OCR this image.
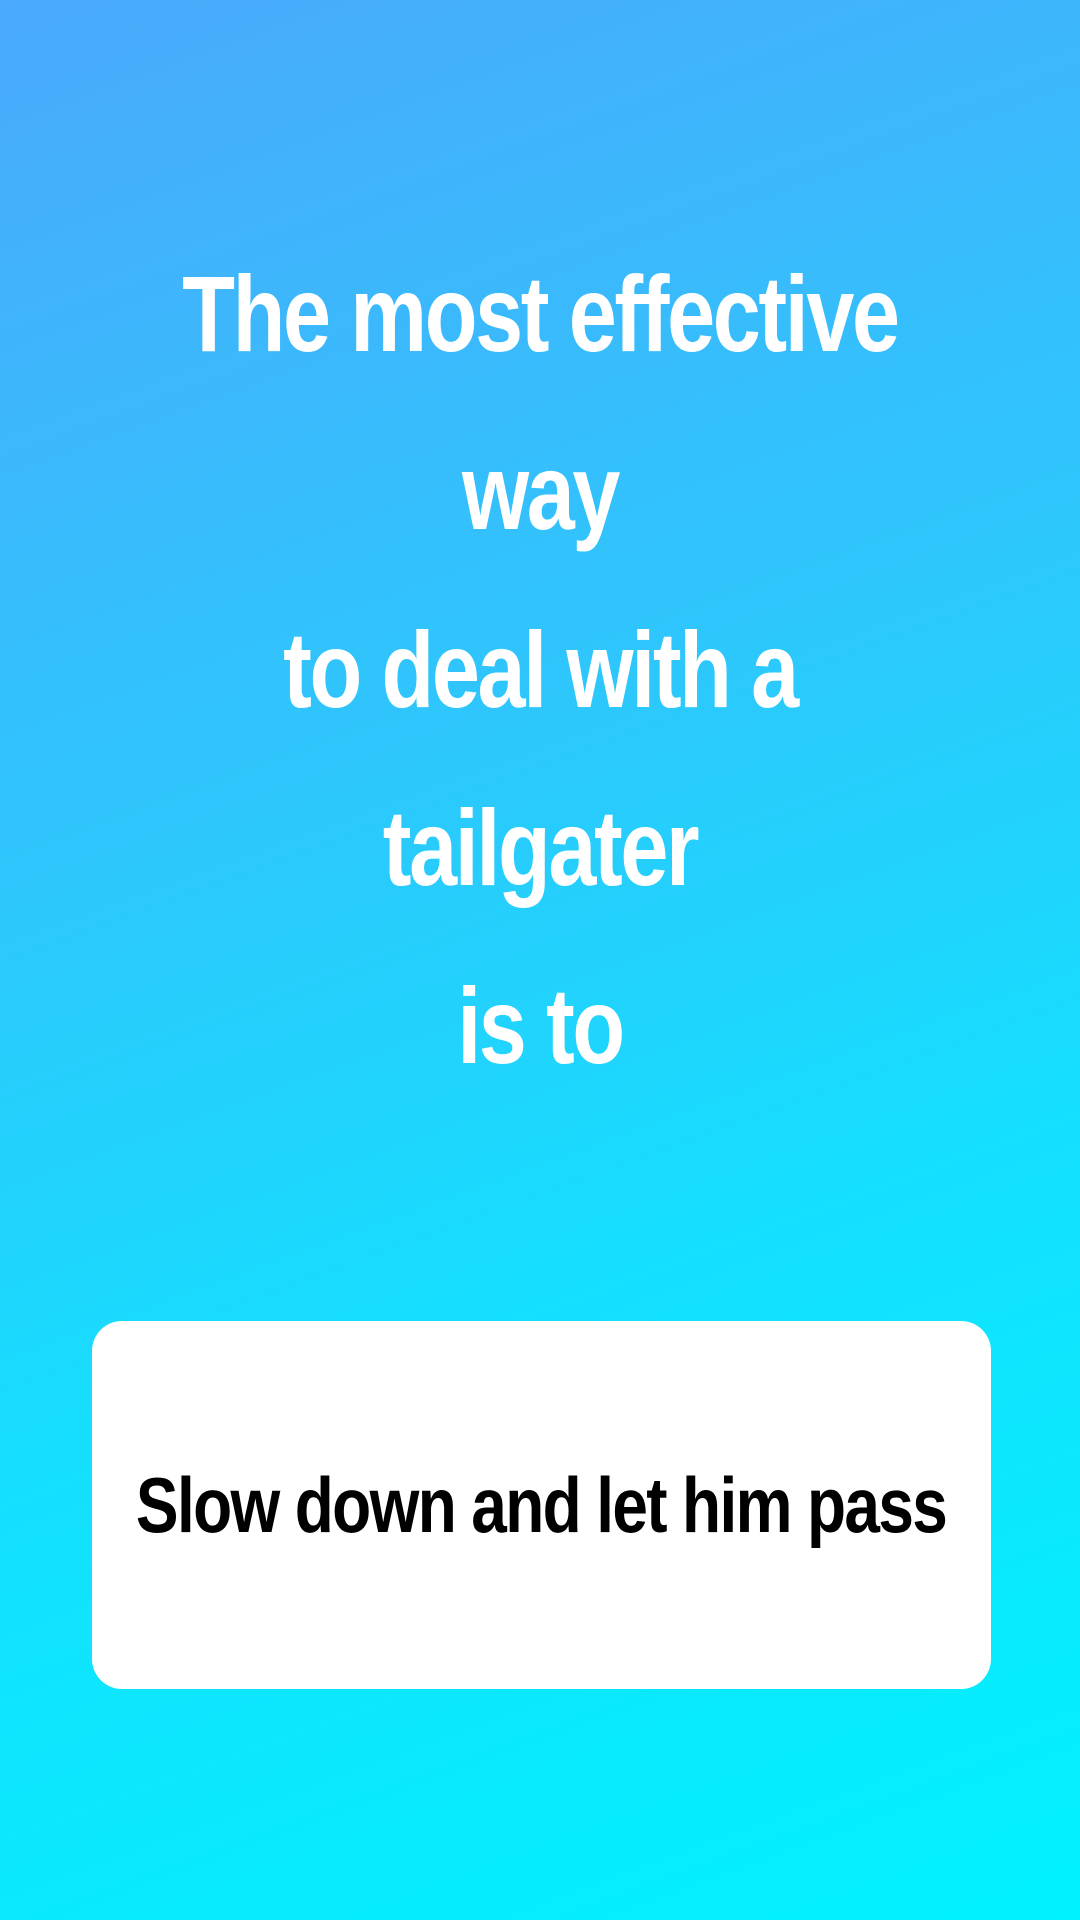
The most effective way
to deal with a tailgater
is to
Slow down and let him pass
